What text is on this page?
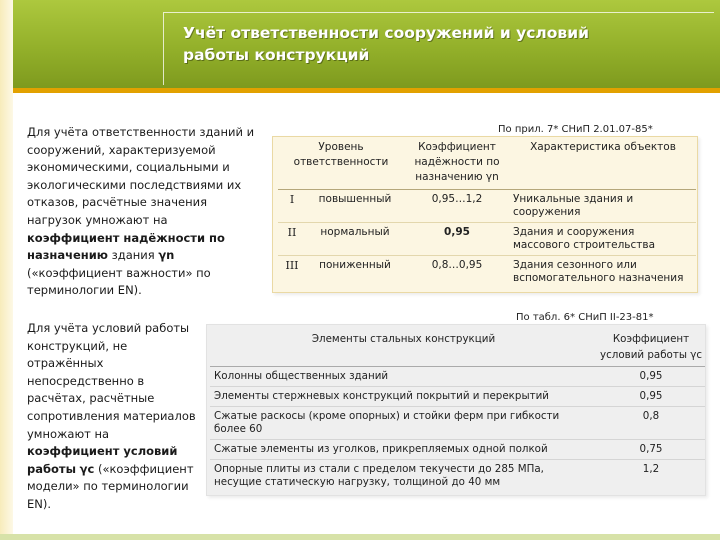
Учёт ответственности сооружений и условий
работы конструкций
Для учёта ответственности зданий и сооружений, характеризуемой экономическими, социальными и экологическими последствиями их отказов, расчётные значения нагрузок умножают на коэффициент надёжности по назначению здания γn («коэффициент важности» по терминологии EN).
По прил. 7* СНиП 2.01.07-85*
Уровень ответственности		Коэффициент надёжности по назначению γn	Характеристика объектов
I	повышенный	0,95…1,2	Уникальные здания и сооружения
II	нормальный	0,95	Здания и сооружения массового строительства
III	пониженный	0,8…0,95	Здания сезонного или вспомогательного назначения
Для учёта условий работы конструкций, не отражённых непосредственно в расчётах, расчётные сопротивления материалов умножают на коэффициент условий работы γc («коэффициент модели» по терминологии EN).
По табл. 6* СНиП II-23-81*
Элементы стальных конструкций	Коэффициент условий работы γc
Колонны общественных зданий	0,95
Элементы стержневых конструкций покрытий и перекрытий	0,95
Сжатые раскосы (кроме опорных) и стойки ферм при гибкости более 60	0,8
Сжатые элементы из уголков, прикрепляемых одной полкой	0,75
Опорные плиты из стали с пределом текучести до 285 МПа, несущие статическую нагрузку, толщиной до 40 мм	1,2
